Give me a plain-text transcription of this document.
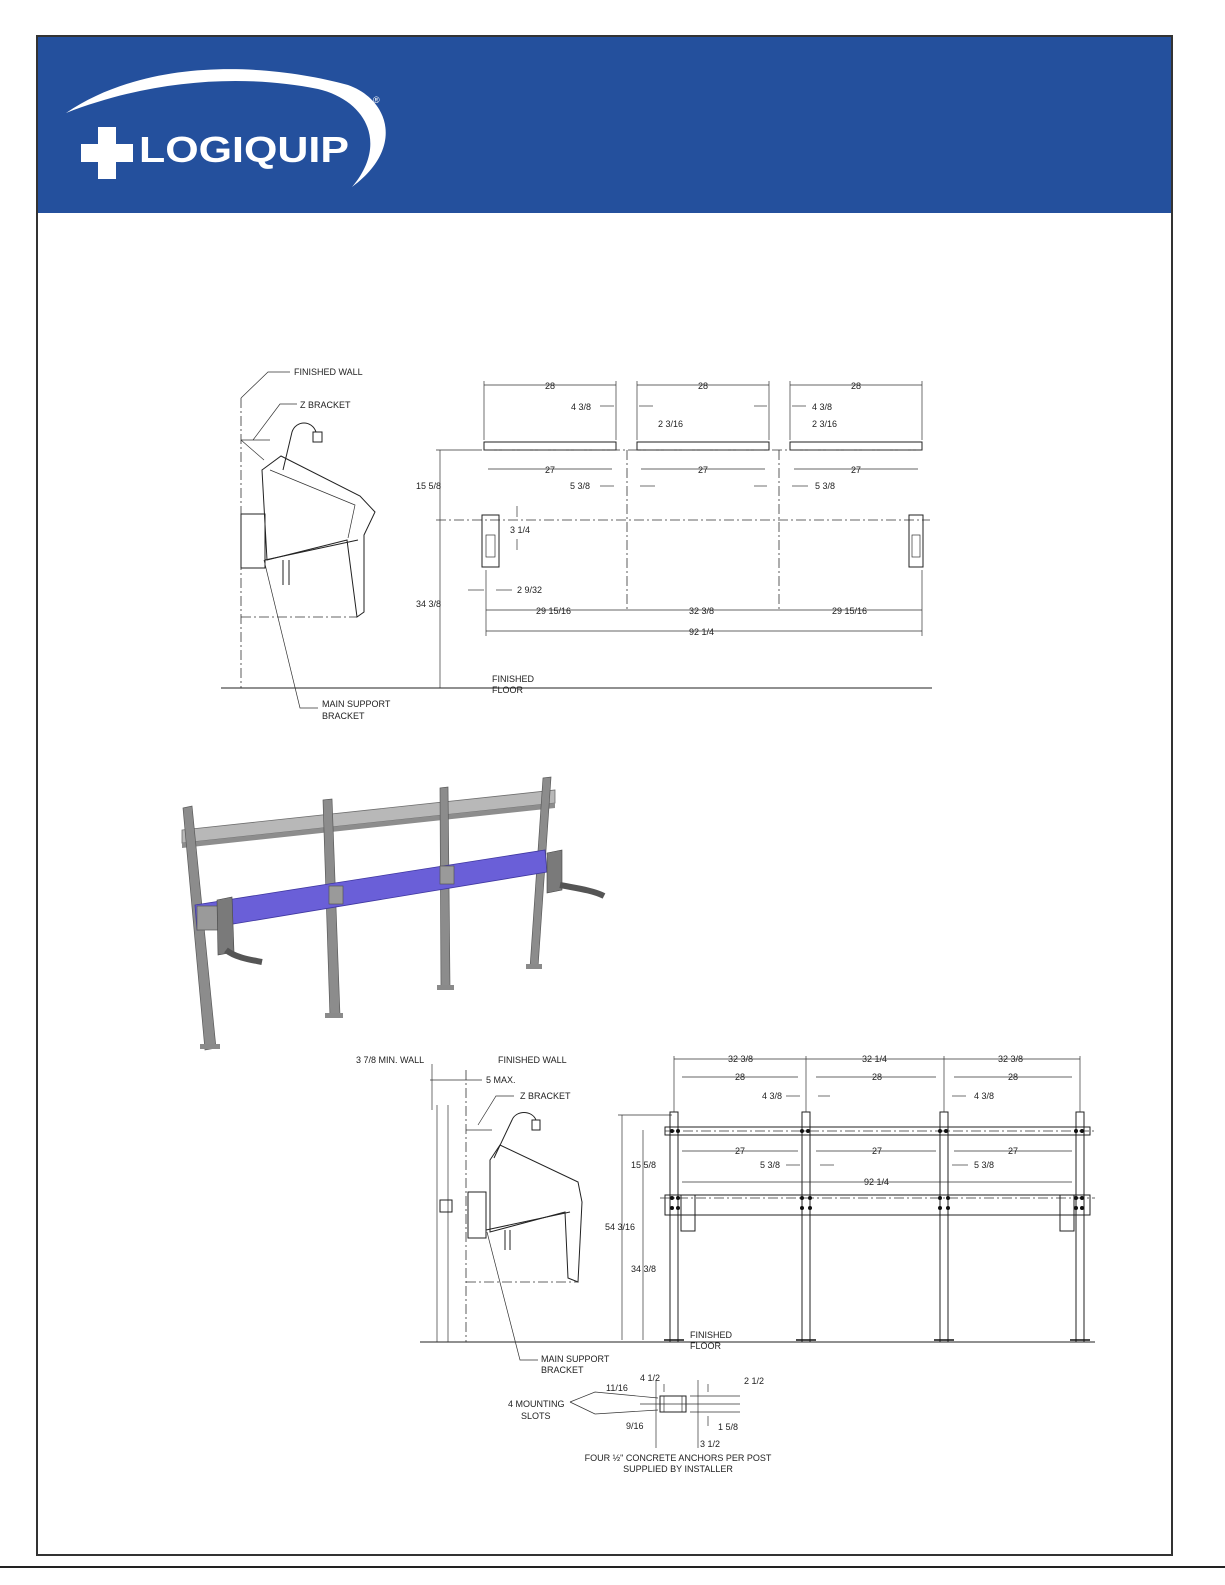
LOGIQUIP
®
FINISHED WALL
Z BRACKET
MAIN SUPPORT
BRACKET
FINISHED
FLOOR
15 5/8
34 3/8
3 1/4
2 9/32
28	28	28
4 3/8	4 3/8
2 3/16	2 3/16
27	27	27
5 3/8	5 3/8
29 15/16	32 3/8	29 15/16
92 1/4
3 7/8 MIN. WALL	FINISHED WALL
5 MAX.
Z BRACKET
MAIN SUPPORT
BRACKET
FINISHED
FLOOR
15 5/8
54 3/16
34 3/8
32 3/8	32 1/4	32 3/8
28	28	28
4 3/8	4 3/8
27	27	27
5 3/8	5 3/8
92 1/4
4 1/2
11/16
9/16
2 1/2
1 5/8
3 1/2
4 MOUNTING
SLOTS
FOUR ½" CONCRETE ANCHORS PER POST
SUPPLIED BY INSTALLER
